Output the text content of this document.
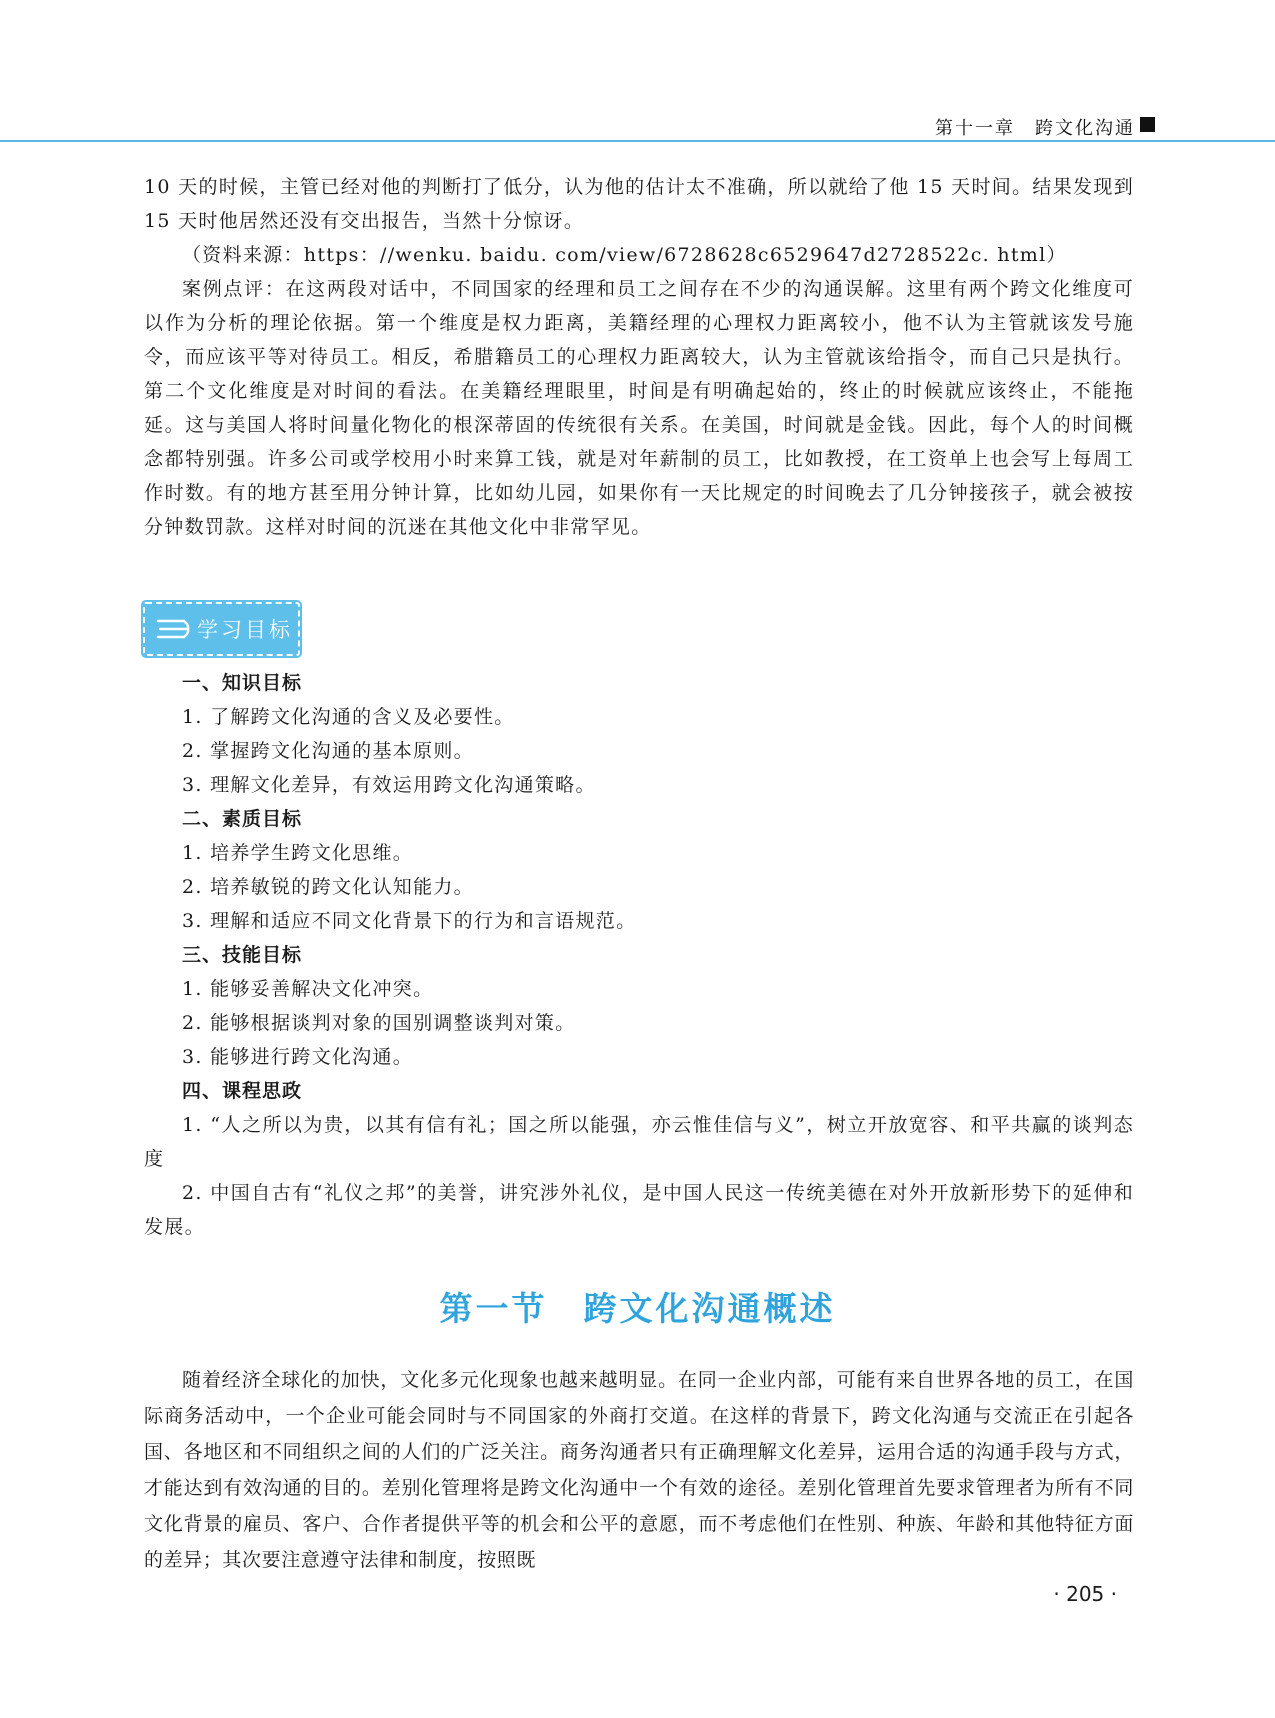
第十一章　跨文化沟通

10 天的时候，主管已经对他的判断打了低分，认为他的估计太不准确，所以就给了他 15 天时间。结果发现到 15 天时他居然还没有交出报告，当然十分惊讶。

（资料来源：https：//wenku. baidu. com/view/6728628c6529647d2728522c. html）

案例点评：在这两段对话中，不同国家的经理和员工之间存在不少的沟通误解。这里有两个跨文化维度可以作为分析的理论依据。第一个维度是权力距离，美籍经理的心理权力距离较小，他不认为主管就该发号施令，而应该平等对待员工。相反，希腊籍员工的心理权力距离较大，认为主管就该给指令，而自己只是执行。第二个文化维度是对时间的看法。在美籍经理眼里，时间是有明确起始的，终止的时候就应该终止，不能拖延。这与美国人将时间量化物化的根深蒂固的传统很有关系。在美国，时间就是金钱。因此，每个人的时间概念都特别强。许多公司或学校用小时来算工钱，就是对年薪制的员工，比如教授，在工资单上也会写上每周工作时数。有的地方甚至用分钟计算，比如幼儿园，如果你有一天比规定的时间晚去了几分钟接孩子，就会被按分钟数罚款。这样对时间的沉迷在其他文化中非常罕见。

学习目标
一、知识目标

1. 了解跨文化沟通的含义及必要性。

2. 掌握跨文化沟通的基本原则。

3. 理解文化差异，有效运用跨文化沟通策略。

二、素质目标

1. 培养学生跨文化思维。

2. 培养敏锐的跨文化认知能力。

3. 理解和适应不同文化背景下的行为和言语规范。

三、技能目标

1. 能够妥善解决文化冲突。

2. 能够根据谈判对象的国别调整谈判对策。

3. 能够进行跨文化沟通。

四、课程思政

1. “人之所以为贵，以其有信有礼；国之所以能强，亦云惟佳信与义”，树立开放宽容、和平共赢的谈判态度

2. 中国自古有“礼仪之邦”的美誉，讲究涉外礼仪，是中国人民这一传统美德在对外开放新形势下的延伸和发展。

第一节　跨文化沟通概述

随着经济全球化的加快，文化多元化现象也越来越明显。在同一企业内部，可能有来自世界各地的员工，在国际商务活动中，一个企业可能会同时与不同国家的外商打交道。在这样的背景下，跨文化沟通与交流正在引起各国、各地区和不同组织之间的人们的广泛关注。商务沟通者只有正确理解文化差异，运用合适的沟通手段与方式，才能达到有效沟通的目的。差别化管理将是跨文化沟通中一个有效的途径。差别化管理首先要求管理者为所有不同文化背景的雇员、客户、合作者提供平等的机会和公平的意愿，而不考虑他们在性别、种族、年龄和其他特征方面的差异；其次要注意遵守法律和制度，按照既

· 205 ·
